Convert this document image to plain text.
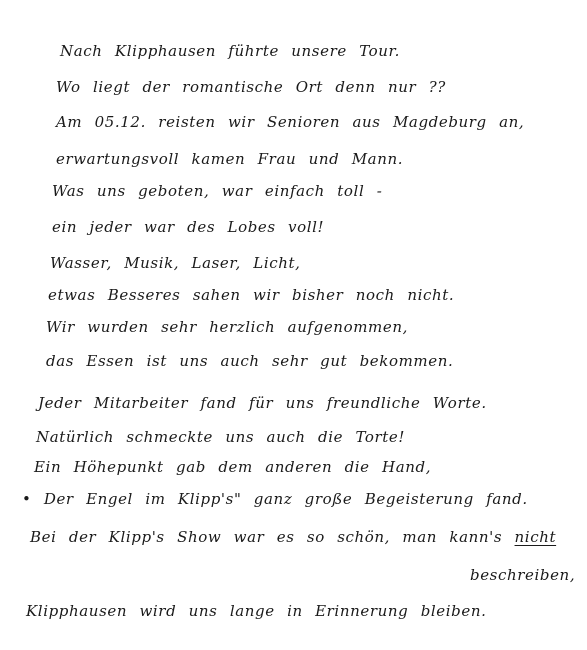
Nach Klipphausen führte unsere Tour.
Wo liegt der romantische Ort denn nur ??
Am 05.12. reisten wir Senioren aus Magdeburg an,
erwartungsvoll kamen Frau und Mann.
Was uns geboten, war einfach toll -
ein jeder war des Lobes voll!
Wasser, Musik, Laser, Licht,
etwas Besseres sahen wir bisher noch nicht.
Wir wurden sehr herzlich aufgenommen,
das Essen ist uns auch sehr gut bekommen.
Jeder Mitarbeiter fand für uns freundliche Worte.
Natürlich schmeckte uns auch die Torte!
Ein Höhepunkt gab dem anderen die Hand,
• Der Engel im Klipp's" ganz große Begeisterung fand.
Bei der Klipp's Show war es so schön, man kann's nicht
beschreiben,
Klipphausen wird uns lange in Erinnerung bleiben.
